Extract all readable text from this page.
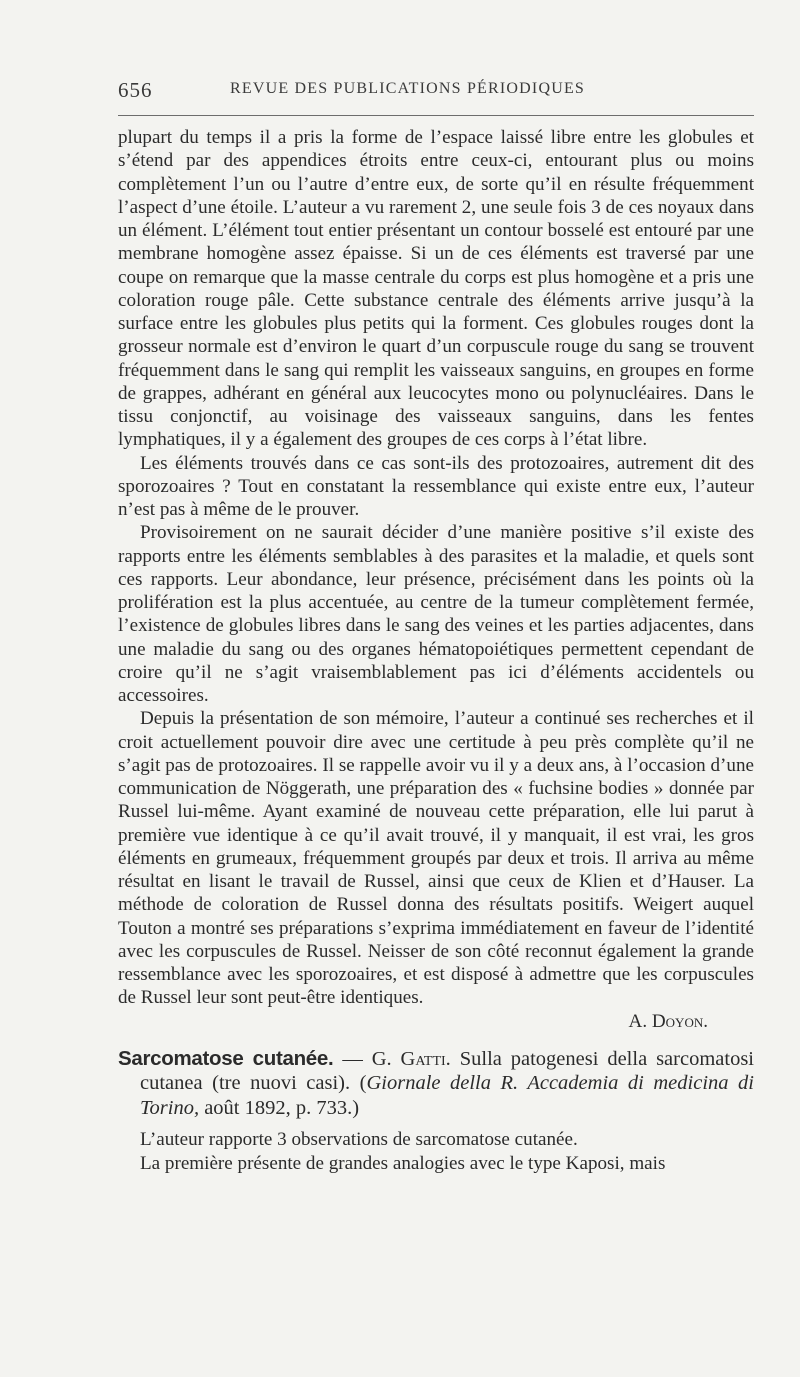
656	REVUE DES PUBLICATIONS PÉRIODIQUES

plupart du temps il a pris la forme de l’espace laissé libre entre les globules et s’étend par des appendices étroits entre ceux-ci, entourant plus ou moins complètement l’un ou l’autre d’entre eux, de sorte qu’il en résulte fréquemment l’aspect d’une étoile. L’auteur a vu rarement 2, une seule fois 3 de ces noyaux dans un élément. L’élément tout entier présentant un contour bosselé est entouré par une membrane homogène assez épaisse. Si un de ces éléments est traversé par une coupe on remarque que la masse centrale du corps est plus homogène et a pris une coloration rouge pâle. Cette substance centrale des éléments arrive jusqu’à la surface entre les globules plus petits qui la forment. Ces globules rouges dont la grosseur normale est d’environ le quart d’un corpuscule rouge du sang se trouvent fréquemment dans le sang qui remplit les vaisseaux sanguins, en groupes en forme de grappes, adhérant en général aux leucocytes mono ou polynucléaires. Dans le tissu conjonctif, au voisinage des vaisseaux sanguins, dans les fentes lymphatiques, il y a également des groupes de ces corps à l’état libre.

Les éléments trouvés dans ce cas sont-ils des protozoaires, autrement dit des sporozoaires ? Tout en constatant la ressemblance qui existe entre eux, l’auteur n’est pas à même de le prouver.

Provisoirement on ne saurait décider d’une manière positive s’il existe des rapports entre les éléments semblables à des parasites et la maladie, et quels sont ces rapports. Leur abondance, leur présence, précisément dans les points où la prolifération est la plus accentuée, au centre de la tumeur complètement fermée, l’existence de globules libres dans le sang des veines et les parties adjacentes, dans une maladie du sang ou des organes hématopoiétiques permettent cependant de croire qu’il ne s’agit vraisemblablement pas ici d’éléments accidentels ou accessoires.

Depuis la présentation de son mémoire, l’auteur a continué ses recherches et il croit actuellement pouvoir dire avec une certitude à peu près complète qu’il ne s’agit pas de protozoaires. Il se rappelle avoir vu il y a deux ans, à l’occasion d’une communication de Nöggerath, une préparation des « fuchsine bodies » donnée par Russel lui-même. Ayant examiné de nouveau cette préparation, elle lui parut à première vue identique à ce qu’il avait trouvé, il y manquait, il est vrai, les gros éléments en grumeaux, fréquemment groupés par deux et trois. Il arriva au même résultat en lisant le travail de Russel, ainsi que ceux de Klien et d’Hauser. La méthode de coloration de Russel donna des résultats positifs. Weigert auquel Touton a montré ses préparations s’exprima immédiatement en faveur de l’identité avec les corpuscules de Russel. Neisser de son côté reconnut également la grande ressemblance avec les sporozoaires, et est disposé à admettre que les corpuscules de Russel leur sont peut-être identiques.

A. Doyon.

Sarcomatose cutanée. — G. Gatti. Sulla patogenesi della sarcomatosi cutanea (tre nuovi casi). (Giornale della R. Accademia di medicina di Torino, août 1892, p. 733.)

L’auteur rapporte 3 observations de sarcomatose cutanée.

La première présente de grandes analogies avec le type Kaposi, mais
